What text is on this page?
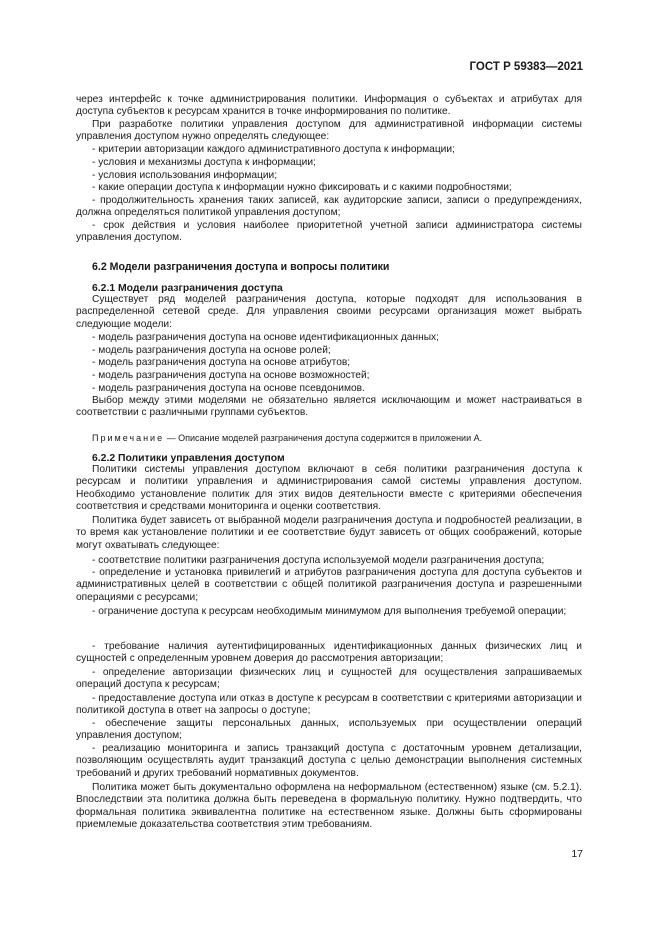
ГОСТ Р 59383—2021

через интерфейс к точке администрирования политики. Информация о субъектах и атрибутах для доступа субъектов к ресурсам хранится в точке информирования по политике.

При разработке политики управления доступом для административной информации системы управления доступом нужно определять следующее:

- критерии авторизации каждого административного доступа к информации;

- условия и механизмы доступа к информации;

- условия использования информации;

- какие операции доступа к информации нужно фиксировать и с какими подробностями;

- продолжительность хранения таких записей, как аудиторские записи, записи о предупреждениях, должна определяться политикой управления доступом;

- срок действия и условия наиболее приоритетной учетной записи администратора системы управления доступом.

6.2 Модели разграничения доступа и вопросы политики

6.2.1 Модели разграничения доступа

Существует ряд моделей разграничения доступа, которые подходят для использования в распределенной сетевой среде. Для управления своими ресурсами организация может выбрать следующие модели:

- модель разграничения доступа на основе идентификационных данных;

- модель разграничения доступа на основе ролей;

- модель разграничения доступа на основе атрибутов;

- модель разграничения доступа на основе возможностей;

- модель разграничения доступа на основе псевдонимов.

Выбор между этими моделями не обязательно является исключающим и может настраиваться в соответствии с различными группами субъектов.

Примечание — Описание моделей разграничения доступа содержится в приложении А.

6.2.2 Политики управления доступом

Политики системы управления доступом включают в себя политики разграничения доступа к ресурсам и политики управления и администрирования самой системы управления доступом. Необходимо установление политик для этих видов деятельности вместе с критериями обеспечения соответствия и средствами мониторинга и оценки соответствия.

Политика будет зависеть от выбранной модели разграничения доступа и подробностей реализации, в то время как установление политики и ее соответствие будут зависеть от общих соображений, которые могут охватывать следующее:

- соответствие политики разграничения доступа используемой модели разграничения доступа;

- определение и установка привилегий и атрибутов разграничения доступа для доступа субъектов и административных целей в соответствии с общей политикой разграничения доступа и разрешенными операциями с ресурсами;

- ограничение доступа к ресурсам необходимым минимумом для выполнения требуемой операции;

- требование наличия аутентифицированных идентификационных данных физических лиц и сущностей с определенным уровнем доверия до рассмотрения авторизации;

- определение авторизации физических лиц и сущностей для осуществления запрашиваемых операций доступа к ресурсам;

- предоставление доступа или отказ в доступе к ресурсам в соответствии с критериями авторизации и политикой доступа в ответ на запросы о доступе;

- обеспечение защиты персональных данных, используемых при осуществлении операций управления доступом;

- реализацию мониторинга и запись транзакций доступа с достаточным уровнем детализации, позволяющим осуществлять аудит транзакций доступа с целью демонстрации выполнения системных требований и других требований нормативных документов.

Политика может быть документально оформлена на неформальном (естественном) языке (см. 5.2.1). Впоследствии эта политика должна быть переведена в формальную политику. Нужно подтвердить, что формальная политика эквивалентна политике на естественном языке. Должны быть сформированы приемлемые доказательства соответствия этим требованиям.

17
